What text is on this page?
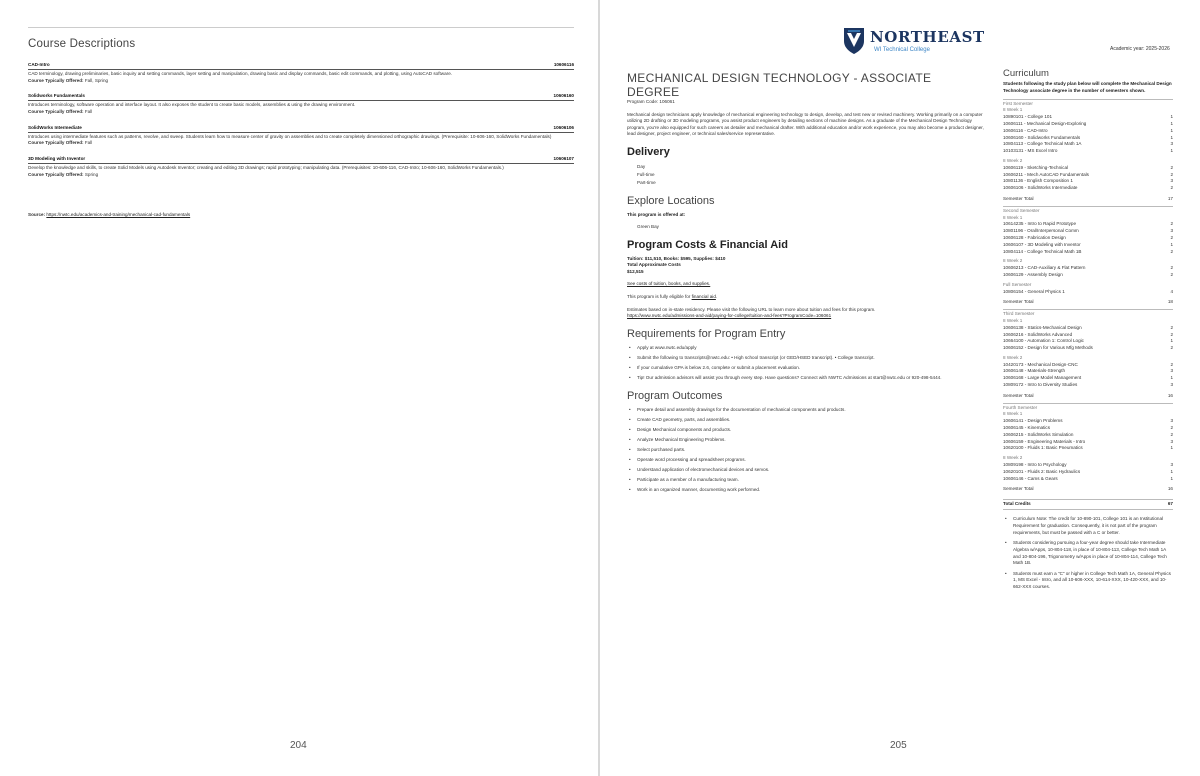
Course Descriptions
CAD-Intro	10606116
CAD terminology, drawing preliminaries, basic inquiry and setting commands, layer setting and manipulation, drawing basic and display commands, basic edit commands, and plotting, using AutoCAD software.
Course Typically Offered: Fall, Spring
Solidworks Fundamentals	10606160
Introduces terminology, software operation and interface layout. It also exposes the student to create basic models, assemblies & using the drawing environment.
Course Typically Offered: Fall
SolidWorks Intermediate	10606106
Introduces using intermediate features such as patterns, revolve, and sweep. Students learn how to measure center of gravity on assemblies and to create completely dimensioned orthographic drawings. (Prerequisite: 10-606-160, SolidWorks Fundamentals)
Course Typically Offered: Fall
3D Modeling with Inventor	10606107
Develop the knowledge and skills, to create Solid Models using Autodesk Inventor; creating and editing 3D drawings; rapid prototyping; manipulating data. (Prerequisites: 10-606-116, CAD-Intro; 10-606-160, SolidWorks Fundamentals.)
Course Typically Offered: Spring
Source: https://nwtc.edu/academics-and-training/mechanical-cad-fundamentals
204
NORTHEAST
WI Technical College	Academic year: 2025-2026
MECHANICAL DESIGN TECHNOLOGY - ASSOCIATE DEGREE
Program Code: 106061
Mechanical design technicians apply knowledge of mechanical engineering technology to design, develop, and test new or revised machinery. Working primarily on a computer utilizing 2D drafting or 3D modeling programs, you assist product engineers by detailing sections of machine designs. As a graduate of the Mechanical Design Technology program, you're also equipped for such careers as detailer and mechanical drafter. With additional education and/or work experience, you may also become a product designer, lead designer, project engineer, or technical sales/service representative.
Delivery
Day
Full-time
Part-time
Explore Locations
This program is offered at:
Green Bay
Program Costs & Financial Aid
Tuition: $11,510, Books: $595, Supplies: $410
Total Approximate Costs
$12,515
See costs of tuition, books, and supplies.
This program is fully eligible for financial aid.
Estimates based on in-state residency. Please visit the following URL to learn more about tuition and fees for this program.
https://www.nwtc.edu/admissions-and-aid/paying-for-college/tuition-and-fees?ProgramCode=106061
Requirements for Program Entry
• Apply at www.nwtc.edu/apply
• Submit the following to transcripts@nwtc.edu: • High school transcript (or GED/HSED transcript). • College transcript.
• If your cumulative GPA is below 2.6, complete or submit a placement evaluation.
• Tip! Our admission advisors will assist you through every step. Have questions? Connect with NWTC Admissions at start@nwtc.edu or 920-498-5444.
Program Outcomes
• Prepare detail and assembly drawings for the documentation of mechanical components and products.
• Create CAD geometry, parts, and assemblies.
• Design Mechanical components and products.
• Analyze Mechanical Engineering Problems.
• Select purchased parts.
• Operate word processing and spreadsheet programs.
• Understand application of electromechanical devices and servos.
• Participate as a member of a manufacturing team.
• Work in an organized manner, documenting work performed.
Curriculum
Students following the study plan below will complete the Mechanical Design Technology associate degree in the number of semesters shown.
First Semester
8 Week 1
10890101 - College 101	1
10606111 - Mechanical Design-Exploring	1
10606116 - CAD-Intro	1
10606160 - Solidworks Fundamentals	1
10804113 - College Technical Math 1A	3
10103131 - MS Excel Intro	1
8 Week 2
10606119 - Sketching-Technical	2
10606211 - Mech AutoCAD Fundamentals	2
10801136 - English Composition 1	3
10606106 - SolidWorks Intermediate	2
Semester Total	17
Second Semester
8 Week 1
10614235 - Intro to Rapid Prototype	2
10801196 - Oral/Interpersonal Comm	3
10606128 - Fabrication Design	2
10606107 - 3D Modeling with Inventor	1
10804114 - College Technical Math 1B	2
8 Week 2
10606213 - CAD-Auxiliary & Flat Pattern	2
10606129 - Assembly Design	2
Full Semester
10806154 - General Physics 1	4
Semester Total	18
Third Semester
8 Week 1
10606138 - Statics-Mechanical Design	2
10606216 - SolidWorks Advanced	2
10664100 - Automation 1: Control Logic	1
10606152 - Design for Various Mfg Methods	2
8 Week 2
10420173 - Mechanical Design-CNC	2
10606148 - Materials-Strength	3
10606168 - Large Model Management	1
10809172 - Intro to Diversity Studies	3
Semester Total	16
Fourth Semester
8 Week 1
10606141 - Design Problems	3
10606145 - Kinematics	2
10606215 - SolidWorks Simulation	2
10606159 - Engineering Materials - Intro	3
10620100 - Fluids 1: Basic Pneumatics	1
8 Week 2
10809198 - Intro to Psychology	3
10620101 - Fluids 2: Basic Hydraulics	1
10606146 - Cams & Gears	1
Semester Total	16
Total Credits	67
• Curriculum Note: The credit for 10-890-101, College 101 is an Institutional Requirement for graduation. Consequently, it is not part of the program requirements, but must be passed with a C or better.
• Students considering pursuing a four-year degree should take Intermediate Algebra w/Apps, 10-804-118, in place of 10-804-113, College Tech Math 1A and 10-804-196, Trigonometry w/Apps in place of 10-804-114, College Tech Math 1B.
• Students must earn a "C" or higher in College Tech Math 1A, General Physics 1, MS Excel - Intro, and all 10-606-XXX, 10-614-XXX, 10-420-XXX, and 10-662-XXX courses.
205
